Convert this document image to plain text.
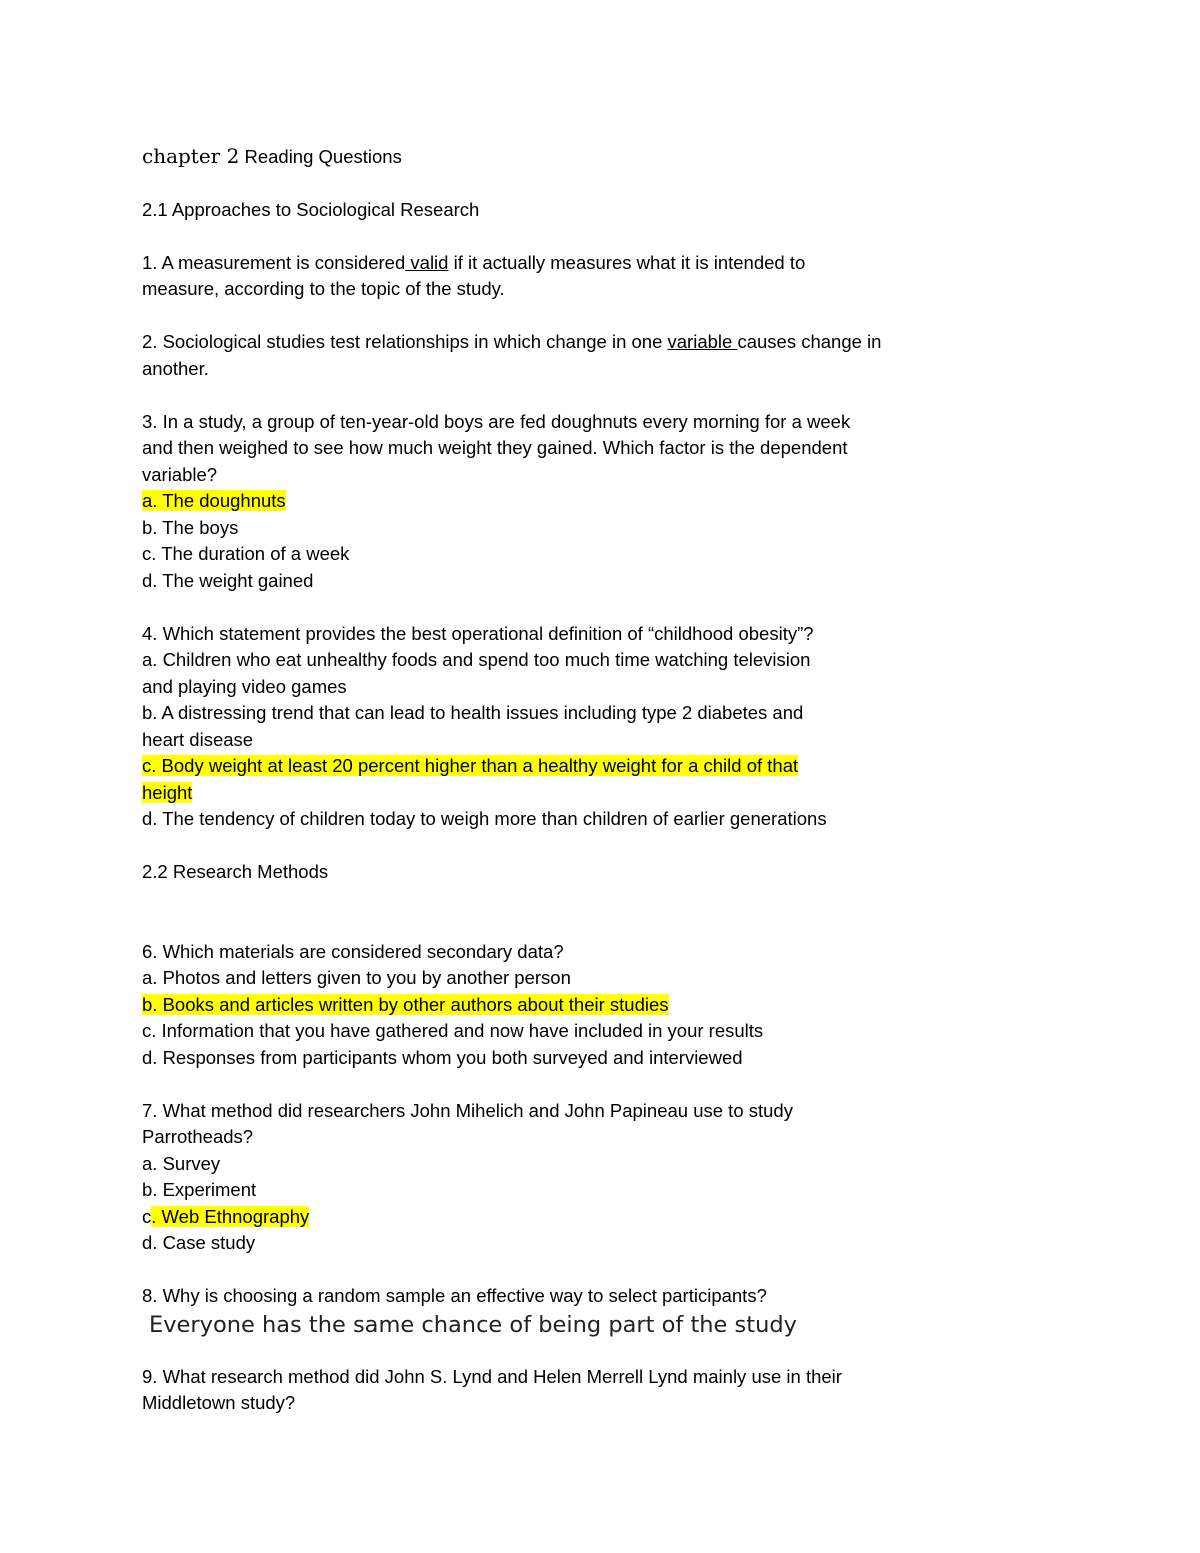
chapter 2 Reading Questions
2.1 Approaches to Sociological Research
1. A measurement is considered valid if it actually measures what it is intended to
measure, according to the topic of the study.
2. Sociological studies test relationships in which change in one variable causes change in
another.
3. In a study, a group of ten-year-old boys are fed doughnuts every morning for a week
and then weighed to see how much weight they gained. Which factor is the dependent
variable?
a. The doughnuts
b. The boys
c. The duration of a week
d. The weight gained
4. Which statement provides the best operational definition of “childhood obesity”?
a. Children who eat unhealthy foods and spend too much time watching television
and playing video games
b. A distressing trend that can lead to health issues including type 2 diabetes and
heart disease
c. Body weight at least 20 percent higher than a healthy weight for a child of that
height
d. The tendency of children today to weigh more than children of earlier generations
2.2 Research Methods
6. Which materials are considered secondary data?
a. Photos and letters given to you by another person
b. Books and articles written by other authors about their studies
c. Information that you have gathered and now have included in your results
d. Responses from participants whom you both surveyed and interviewed
7. What method did researchers John Mihelich and John Papineau use to study
Parrotheads?
a. Survey
b. Experiment
c. Web Ethnography
d. Case study
8. Why is choosing a random sample an effective way to select participants?
Everyone has the same chance of being part of the study
9. What research method did John S. Lynd and Helen Merrell Lynd mainly use in their
Middletown study?
